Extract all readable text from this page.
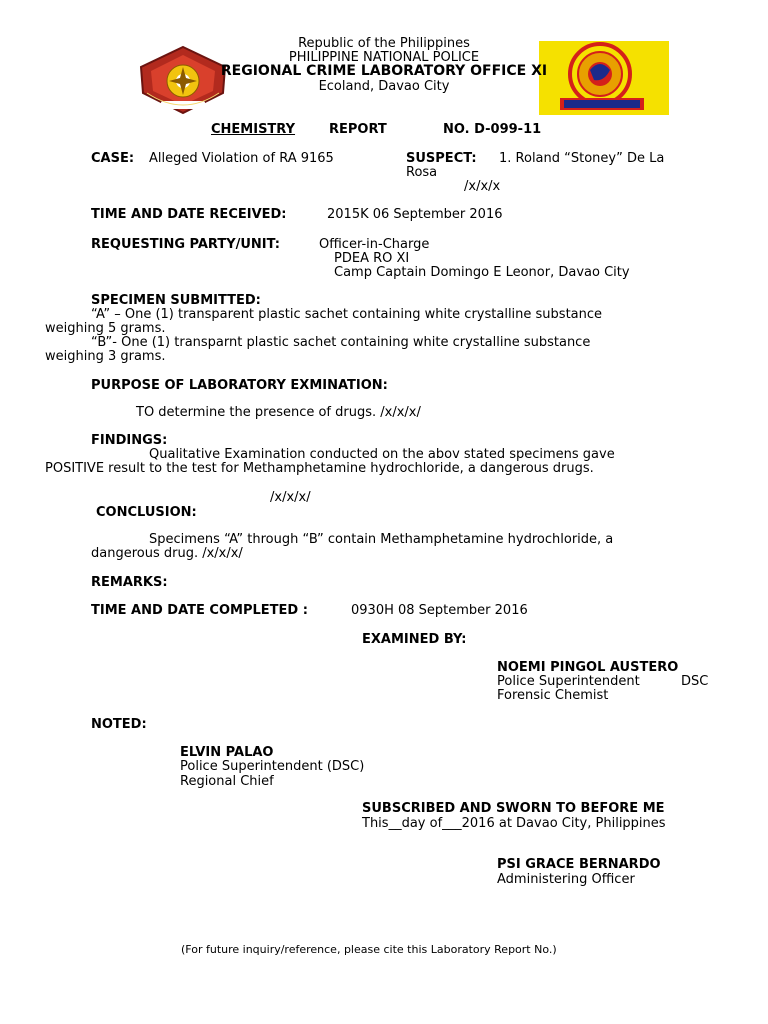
Republic of the Philippines
PHILIPPINE NATIONAL POLICE
REGIONAL CRIME LABORATORY OFFICE XI
Ecoland, Davao City
CHEMISTRY	REPORT	NO. D-099-11
CASE: Alleged Violation of RA 9165	SUSPECT: 1. Roland “Stoney” De La
Rosa
/x/x/x
TIME AND DATE RECEIVED:	2015K 06 September 2016
REQUESTING PARTY/UNIT:	Officer-in-Charge
PDEA RO XI
Camp Captain Domingo E Leonor, Davao City
SPECIMEN SUBMITTED:
“A” – One (1) transparent plastic sachet containing white crystalline substance
weighing 5 grams.
“B”- One (1) transparnt plastic sachet containing white crystalline substance
weighing 3 grams.
PURPOSE OF LABORATORY EXMINATION:
TO determine the presence of drugs. /x/x/x/
FINDINGS:
Qualitative Examination conducted on the abov stated specimens gave
POSITIVE result to the test for Methamphetamine hydrochloride, a dangerous drugs.
/x/x/x/
CONCLUSION:
Specimens “A” through “B” contain Methamphetamine hydrochloride, a
dangerous drug. /x/x/x/
REMARKS:
TIME AND DATE COMPLETED :	0930H 08 September 2016
EXAMINED BY:
NOEMI PINGOL AUSTERO
Police Superintendent	DSC
Forensic Chemist
NOTED:
ELVIN PALAO
Police Superintendent (DSC)
Regional Chief
SUBSCRIBED AND SWORN TO BEFORE ME
This__day of___2016 at Davao City, Philippines
PSI GRACE BERNARDO
Administering Officer
(For future inquiry/reference, please cite this Laboratory Report No.)
